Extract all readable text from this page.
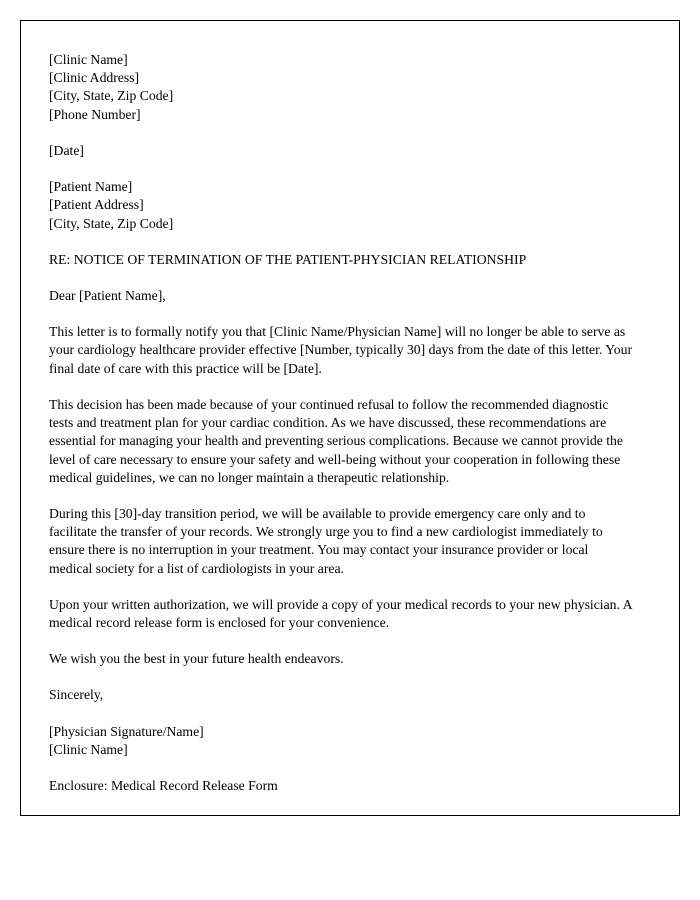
[Clinic Name]
[Clinic Address]
[City, State, Zip Code]
[Phone Number]
[Date]
[Patient Name]
[Patient Address]
[City, State, Zip Code]
RE: NOTICE OF TERMINATION OF THE PATIENT-PHYSICIAN RELATIONSHIP
Dear [Patient Name],
This letter is to formally notify you that [Clinic Name/Physician Name] will no longer be able to serve as your cardiology healthcare provider effective [Number, typically 30] days from the date of this letter. Your final date of care with this practice will be [Date].
This decision has been made because of your continued refusal to follow the recommended diagnostic tests and treatment plan for your cardiac condition. As we have discussed, these recommendations are essential for managing your health and preventing serious complications. Because we cannot provide the level of care necessary to ensure your safety and well-being without your cooperation in following these medical guidelines, we can no longer maintain a therapeutic relationship.
During this [30]-day transition period, we will be available to provide emergency care only and to facilitate the transfer of your records. We strongly urge you to find a new cardiologist immediately to ensure there is no interruption in your treatment. You may contact your insurance provider or local medical society for a list of cardiologists in your area.
Upon your written authorization, we will provide a copy of your medical records to your new physician. A medical record release form is enclosed for your convenience.
We wish you the best in your future health endeavors.
Sincerely,
[Physician Signature/Name]
[Clinic Name]
Enclosure: Medical Record Release Form
